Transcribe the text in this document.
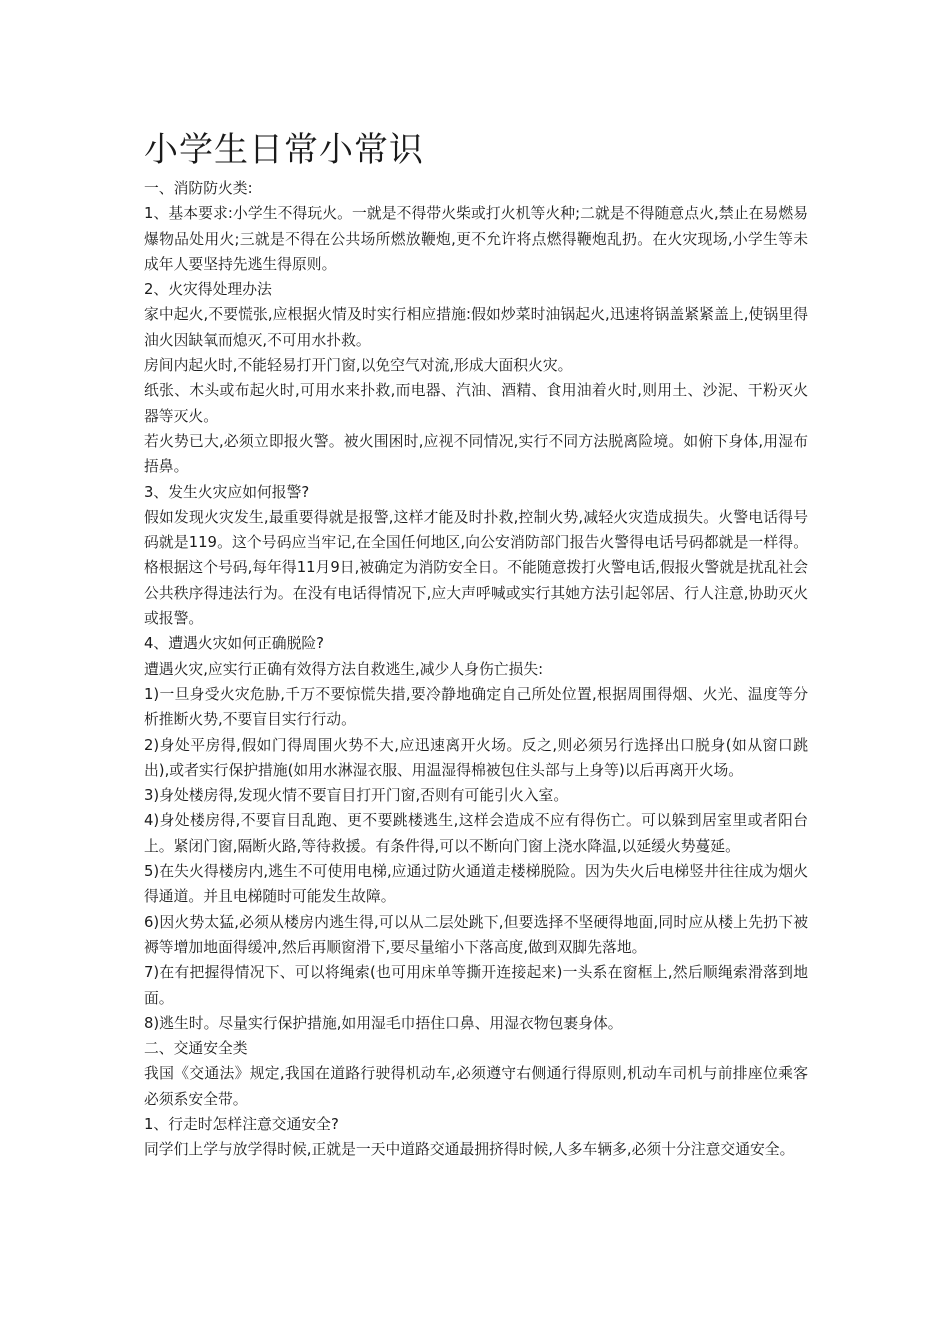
小学生日常小常识

一、消防防火类:

1、基本要求:小学生不得玩火。一就是不得带火柴或打火机等火种;二就是不得随意点火,禁止在易燃易爆物品处用火;三就是不得在公共场所燃放鞭炮,更不允许将点燃得鞭炮乱扔。在火灾现场,小学生等未成年人要坚持先逃生得原则。

2、火灾得处理办法

家中起火,不要慌张,应根据火情及时实行相应措施:假如炒菜时油锅起火,迅速将锅盖紧紧盖上,使锅里得油火因缺氧而熄灭,不可用水扑救。

房间内起火时,不能轻易打开门窗,以免空气对流,形成大面积火灾。

纸张、木头或布起火时,可用水来扑救,而电器、汽油、酒精、食用油着火时,则用土、沙泥、干粉灭火器等灭火。

若火势已大,必须立即报火警。被火围困时,应视不同情况,实行不同方法脱离险境。如俯下身体,用湿布捂鼻。

3、发生火灾应如何报警?

假如发现火灾发生,最重要得就是报警,这样才能及时扑救,控制火势,减轻火灾造成损失。火警电话得号码就是119。这个号码应当牢记,在全国任何地区,向公安消防部门报告火警得电话号码都就是一样得。格根据这个号码,每年得11月9日,被确定为消防安全日。不能随意拨打火警电话,假报火警就是扰乱社会公共秩序得违法行为。在没有电话得情况下,应大声呼喊或实行其她方法引起邻居、行人注意,协助灭火或报警。

4、遭遇火灾如何正确脱险?

遭遇火灾,应实行正确有效得方法自救逃生,减少人身伤亡损失:

1)一旦身受火灾危胁,千万不要惊慌失措,要冷静地确定自己所处位置,根据周围得烟、火光、温度等分析推断火势,不要盲目实行行动。

2)身处平房得,假如门得周围火势不大,应迅速离开火场。反之,则必须另行选择出口脱身(如从窗口跳出),或者实行保护措施(如用水淋湿衣服、用温湿得棉被包住头部与上身等)以后再离开火场。

3)身处楼房得,发现火情不要盲目打开门窗,否则有可能引火入室。

4)身处楼房得,不要盲目乱跑、更不要跳楼逃生,这样会造成不应有得伤亡。可以躲到居室里或者阳台上。紧闭门窗,隔断火路,等待救援。有条件得,可以不断向门窗上浇水降温,以延缓火势蔓延。

5)在失火得楼房内,逃生不可使用电梯,应通过防火通道走楼梯脱险。因为失火后电梯竖井往往成为烟火得通道。并且电梯随时可能发生故障。

6)因火势太猛,必须从楼房内逃生得,可以从二层处跳下,但要选择不坚硬得地面,同时应从楼上先扔下被褥等增加地面得缓冲,然后再顺窗滑下,要尽量缩小下落高度,做到双脚先落地。

7)在有把握得情况下、可以将绳索(也可用床单等撕开连接起来)一头系在窗框上,然后顺绳索滑落到地面。

8)逃生时。尽量实行保护措施,如用湿毛巾捂住口鼻、用湿衣物包裹身体。

二、交通安全类

我国《交通法》规定,我国在道路行驶得机动车,必须遵守右侧通行得原则,机动车司机与前排座位乘客必须系安全带。

1、行走时怎样注意交通安全?

同学们上学与放学得时候,正就是一天中道路交通最拥挤得时候,人多车辆多,必须十分注意交通安全。
